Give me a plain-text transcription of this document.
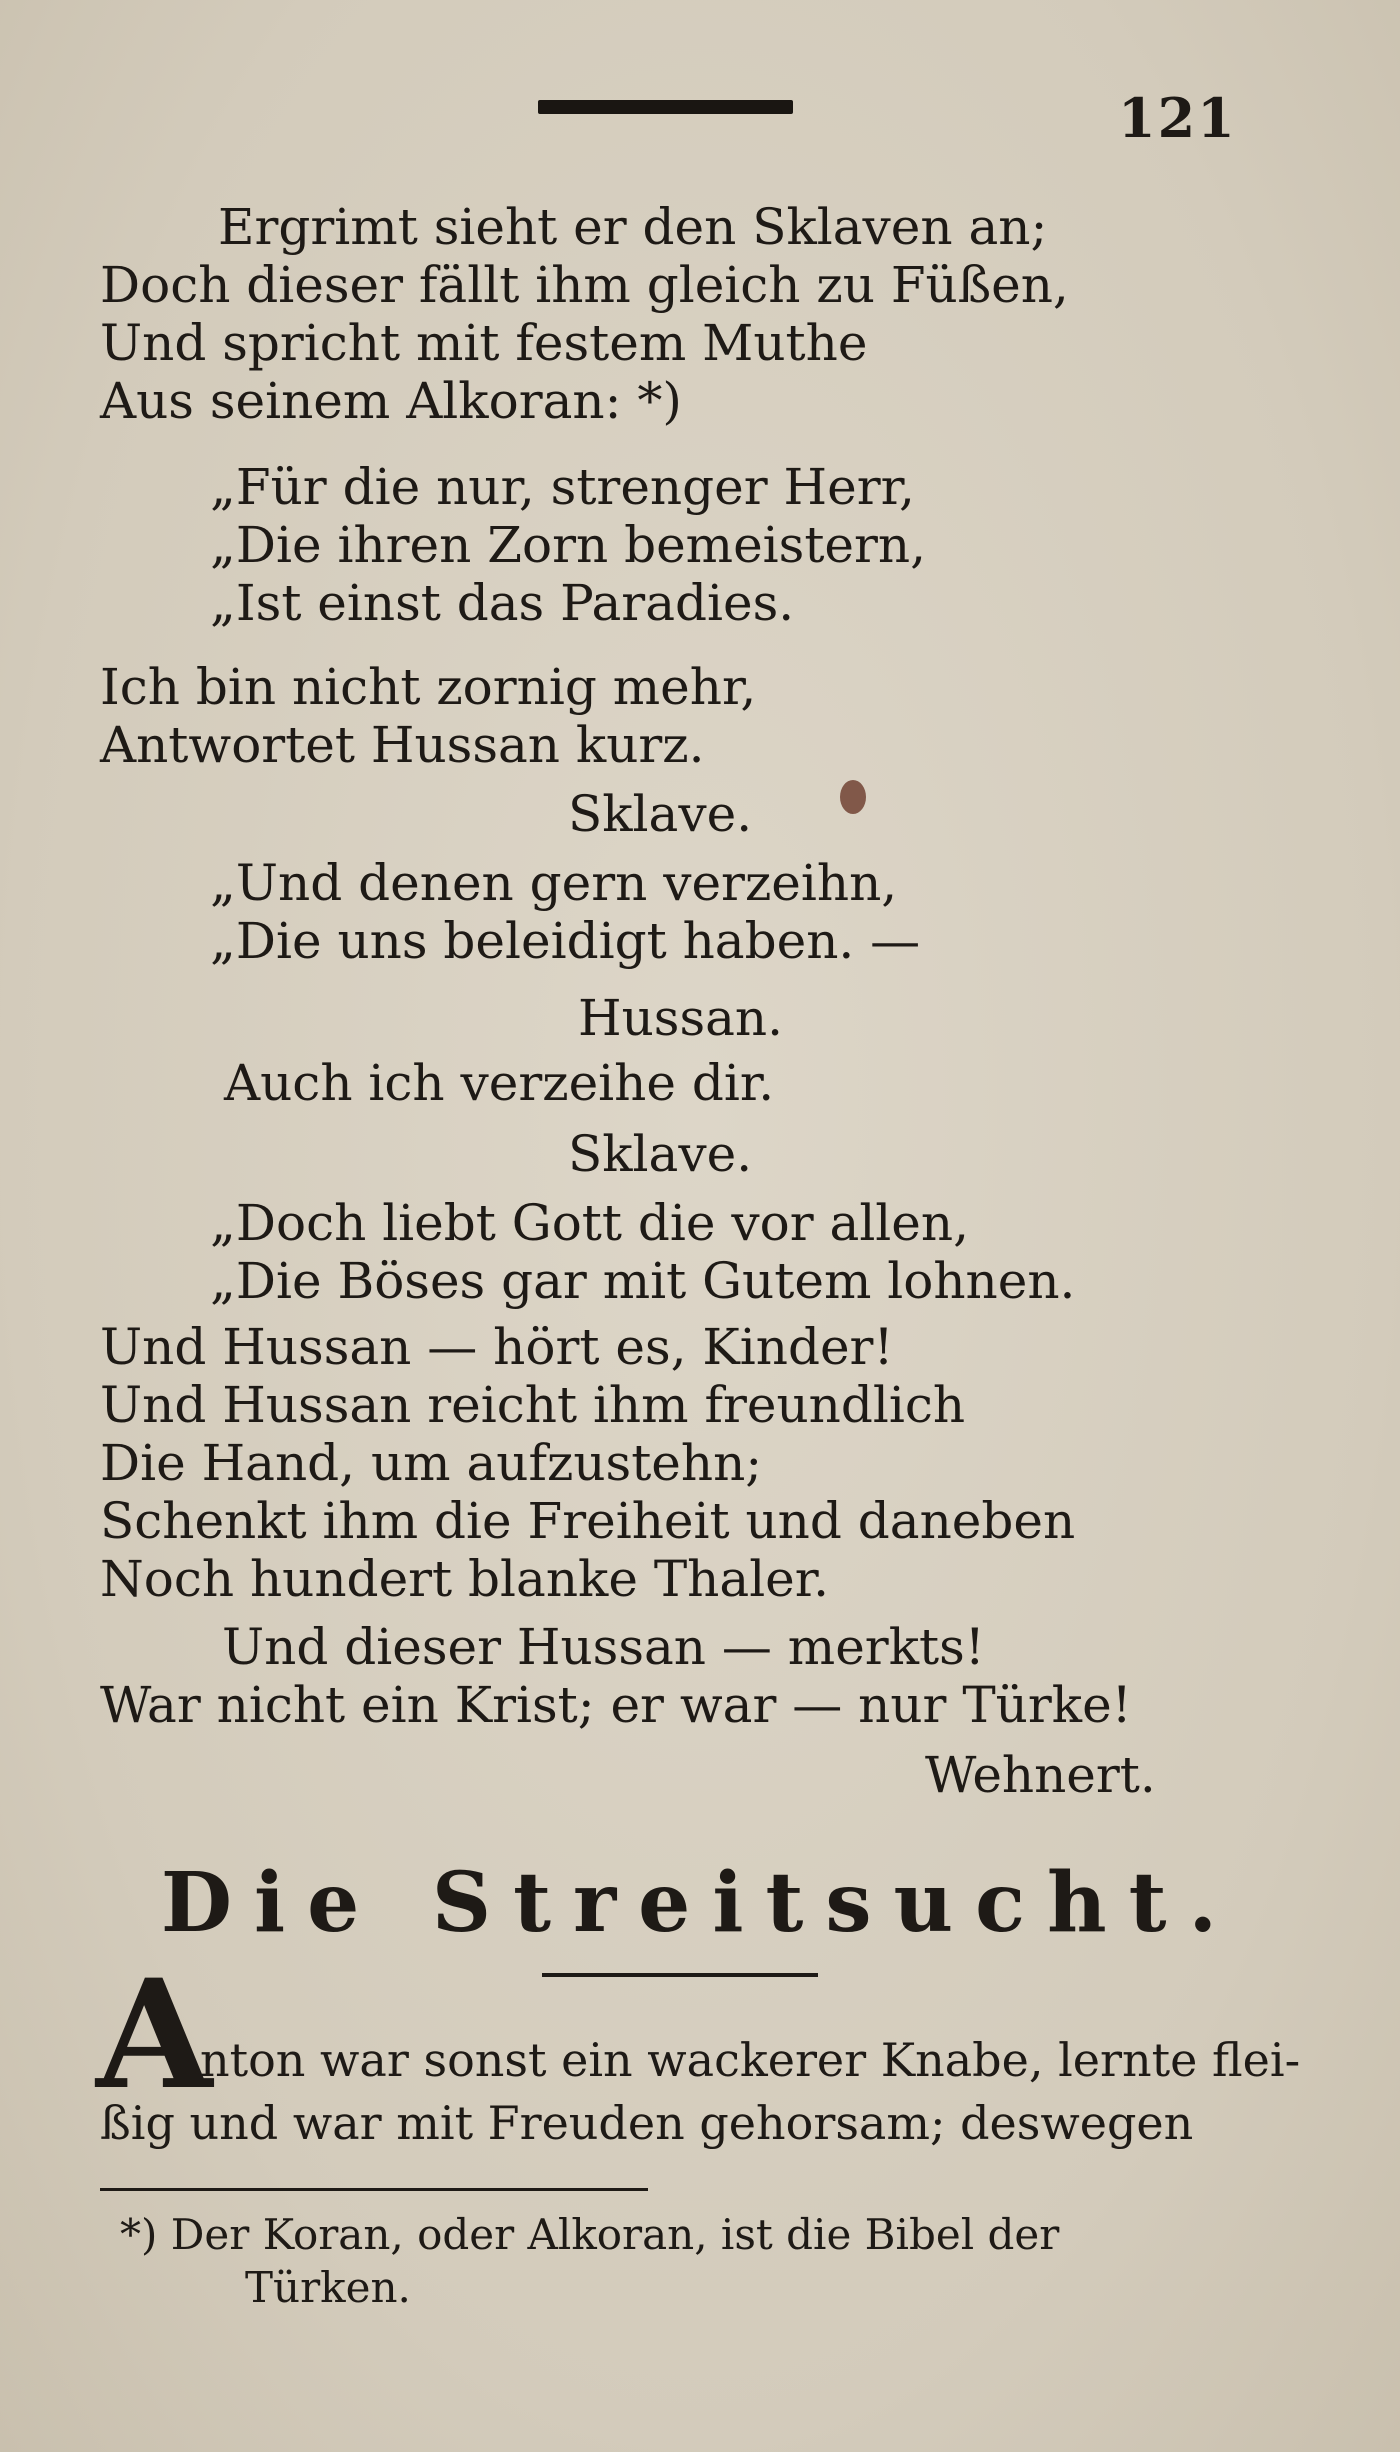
121
Ergrimt sieht er den Sklaven an;
Doch dieser fällt ihm gleich zu Füßen,
Und spricht mit festem Muthe
Aus seinem Alkoran: *)
„Für die nur, strenger Herr,
„Die ihren Zorn bemeistern,
„Ist einst das Paradies.
Ich bin nicht zornig mehr,
Antwortet Hussan kurz.
Sklave.
„Und denen gern verzeihn,
„Die uns beleidigt haben. —
Hussan.
Auch ich verzeihe dir.
Sklave.
„Doch liebt Gott die vor allen,
„Die Böses gar mit Gutem lohnen.
Und Hussan — hört es, Kinder!
Und Hussan reicht ihm freundlich
Die Hand, um aufzustehn;
Schenkt ihm die Freiheit und daneben
Noch hundert blanke Thaler.
Und dieser Hussan — merkts!
War nicht ein Krist; er war — nur Türke!
Wehnert.
Die Streitsucht.
A
nton war sonst ein wackerer Knabe, lernte flei-
ßig und war mit Freuden gehorsam; deswegen
*) Der Koran, oder Alkoran, ist die Bibel der
Türken.
